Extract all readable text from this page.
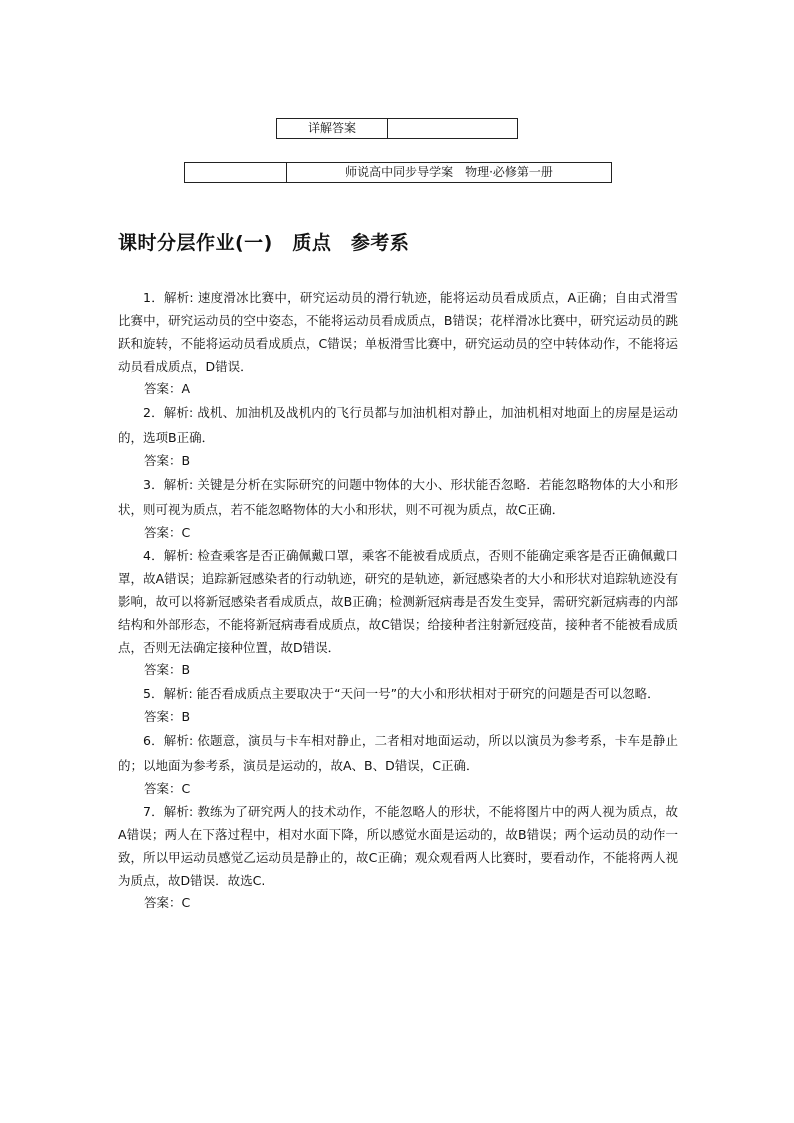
详解答案
师说高中同步导学案　物理·必修第一册
课时分层作业(一)　质点　参考系

1．解析: 速度滑冰比赛中，研究运动员的滑行轨迹，能将运动员看成质点，A正确；自由式滑雪比赛中，研究运动员的空中姿态，不能将运动员看成质点，B错误；花样滑冰比赛中，研究运动员的跳跃和旋转，不能将运动员看成质点，C错误；单板滑雪比赛中，研究运动员的空中转体动作，不能将运动员看成质点，D错误．

答案：A

2．解析: 战机、加油机及战机内的飞行员都与加油机相对静止，加油机相对地面上的房屋是运动的，选项B正确．

答案：B

3．解析: 关键是分析在实际研究的问题中物体的大小、形状能否忽略．若能忽略物体的大小和形状，则可视为质点，若不能忽略物体的大小和形状，则不可视为质点，故C正确．

答案：C

4．解析: 检查乘客是否正确佩戴口罩，乘客不能被看成质点，否则不能确定乘客是否正确佩戴口罩，故A错误；追踪新冠感染者的行动轨迹，研究的是轨迹，新冠感染者的大小和形状对追踪轨迹没有影响，故可以将新冠感染者看成质点，故B正确；检测新冠病毒是否发生变异，需研究新冠病毒的内部结构和外部形态，不能将新冠病毒看成质点，故C错误；给接种者注射新冠疫苗，接种者不能被看成质点，否则无法确定接种位置，故D错误．

答案：B

5．解析: 能否看成质点主要取决于“天问一号”的大小和形状相对于研究的问题是否可以忽略．

答案：B

6．解析: 依题意，演员与卡车相对静止，二者相对地面运动，所以以演员为参考系，卡车是静止的；以地面为参考系，演员是运动的，故A、B、D错误，C正确．

答案：C

7．解析: 教练为了研究两人的技术动作，不能忽略人的形状，不能将图片中的两人视为质点，故A错误；两人在下落过程中，相对水面下降，所以感觉水面是运动的，故B错误；两个运动员的动作一致，所以甲运动员感觉乙运动员是静止的，故C正确；观众观看两人比赛时，要看动作，不能将两人视为质点，故D错误．故选C.

答案：C
